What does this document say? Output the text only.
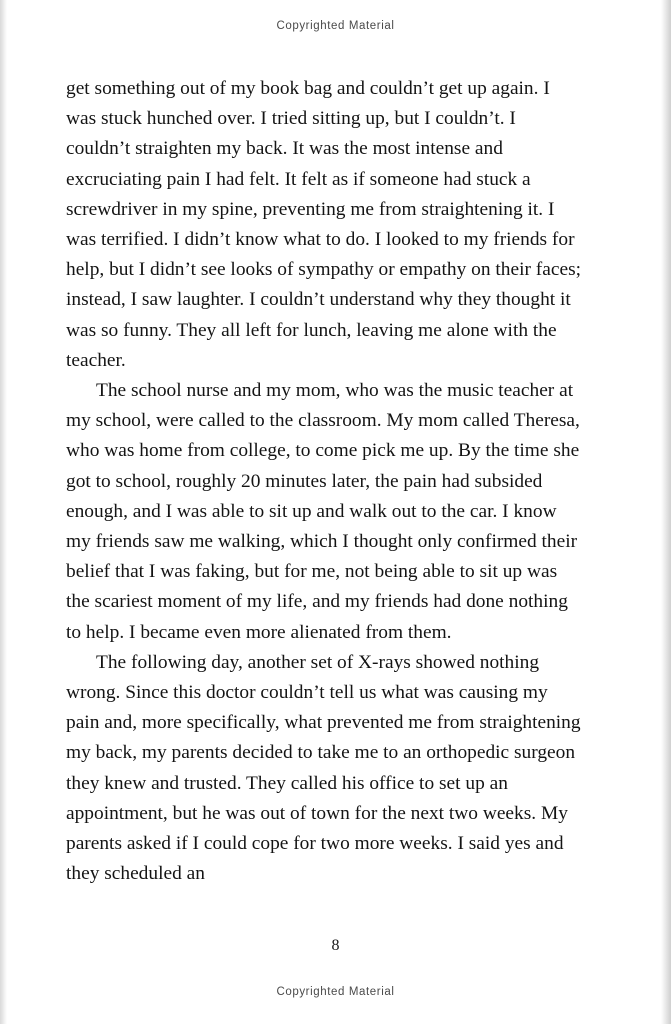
Copyrighted Material

get something out of my book bag and couldn’t get up again. I was stuck hunched over. I tried sitting up, but I couldn’t. I couldn’t straighten my back. It was the most intense and excruciating pain I had felt. It felt as if someone had stuck a screwdriver in my spine, preventing me from straightening it. I was terrified. I didn’t know what to do. I looked to my friends for help, but I didn’t see looks of sympathy or empathy on their faces; instead, I saw laughter. I couldn’t understand why they thought it was so funny. They all left for lunch, leaving me alone with the teacher.

The school nurse and my mom, who was the music teacher at my school, were called to the classroom. My mom called Theresa, who was home from college, to come pick me up. By the time she got to school, roughly 20 minutes later, the pain had subsided enough, and I was able to sit up and walk out to the car. I know my friends saw me walking, which I thought only confirmed their belief that I was faking, but for me, not being able to sit up was the scariest moment of my life, and my friends had done nothing to help. I became even more alienated from them.

The following day, another set of X-rays showed nothing wrong. Since this doctor couldn’t tell us what was causing my pain and, more specifically, what prevented me from straightening my back, my parents decided to take me to an orthopedic surgeon they knew and trusted. They called his office to set up an appointment, but he was out of town for the next two weeks. My parents asked if I could cope for two more weeks. I said yes and they scheduled an

8
Copyrighted Material
